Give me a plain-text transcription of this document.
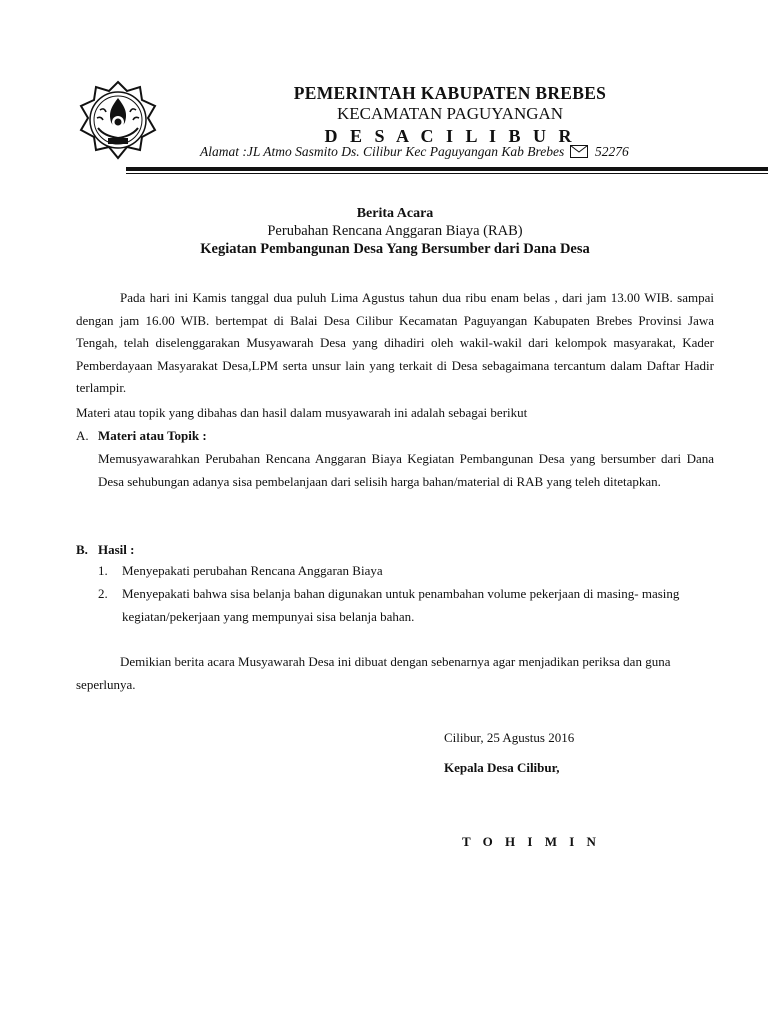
PEMERINTAH KABUPATEN BREBES
KECAMATAN PAGUYANGAN
D E S A C I L I B U R
Alamat :JL Atmo Sasmito Ds. Cilibur Kec Paguyangan Kab Brebes 52276
Berita Acara
Perubahan Rencana Anggaran Biaya (RAB)
Kegiatan Pembangunan Desa Yang Bersumber dari Dana Desa
Pada hari ini Kamis tanggal dua puluh Lima Agustus tahun dua ribu enam belas , dari jam 13.00 WIB. sampai dengan jam 16.00 WIB. bertempat di Balai Desa Cilibur Kecamatan Paguyangan Kabupaten Brebes Provinsi Jawa Tengah, telah diselenggarakan Musyawarah Desa yang dihadiri oleh wakil-wakil dari kelompok masyarakat, Kader Pemberdayaan Masyarakat Desa,LPM serta unsur lain yang terkait di Desa sebagaimana tercantum dalam Daftar Hadir terlampir.
Materi atau topik yang dibahas dan hasil dalam musyawarah ini adalah sebagai berikut
A. Materi atau Topik :
Memusyawarahkan Perubahan Rencana Anggaran Biaya Kegiatan Pembangunan Desa yang bersumber dari Dana Desa sehubungan adanya sisa pembelanjaan dari selisih harga bahan/material di RAB yang teleh ditetapkan.
B. Hasil :
1. Menyepakati perubahan Rencana Anggaran Biaya
2. Menyepakati bahwa sisa belanja bahan digunakan untuk penambahan volume pekerjaan di masing- masing kegiatan/pekerjaan yang mempunyai sisa belanja bahan.
Demikian berita acara Musyawarah Desa ini dibuat dengan sebenarnya agar menjadikan periksa dan guna seperlunya.
Cilibur, 25 Agustus 2016
Kepala Desa Cilibur,
T O H I M I N
